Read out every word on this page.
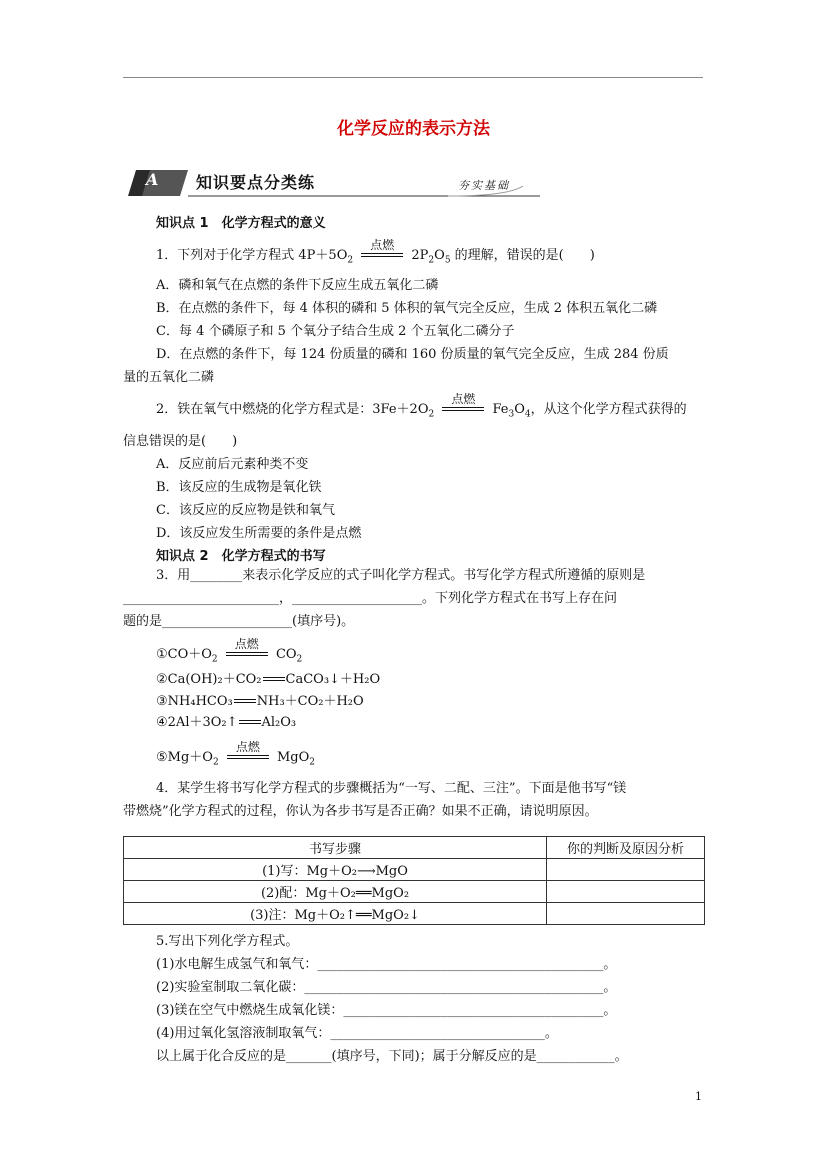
化学反应的表示方法
A 知识要点分类练	夯实基础
知识点 1　化学方程式的意义
1．下列对于化学方程式 $4P+5O_2$
点燃
$2P_2O_5$ 的理解，错误的是(　　)
A．磷和氧气在点燃的条件下反应生成五氧化二磷
B．在点燃的条件下，每 4 体积的磷和 5 体积的氧气完全反应，生成 2 体积五氧化二磷
C．每 4 个磷原子和 5 个氧分子结合生成 2 个五氧化二磷分子
D．在点燃的条件下，每 124 份质量的磷和 160 份质量的氧气完全反应，生成 284 份质
量的五氧化二磷
2．铁在氧气中燃烧的化学方程式是：$3Fe+2O_2$
点燃
$Fe_3O_4$，从这个化学方程式获得的
信息错误的是(　　)
A．反应前后元素种类不变
B．该反应的生成物是氧化铁
C．该反应的反应物是铁和氧气
D．该反应发生所需要的条件是点燃
知识点 2　化学方程式的书写
3．用________来表示化学反应的式子叫化学方程式。书写化学方程式所遵循的原则是
________________________，____________________。下列化学方程式在书写上存在问
题的是____________________(填序号)。
$①CO+O_2$
点燃
$CO_2$
②Ca(OH)₂＋CO₂ CaCO₃↓＋H₂O
③NH₄HCO₃ NH₃＋CO₂＋H₂O
④2Al＋3O₂↑ Al₂O₃
$⑤Mg+O_2$
点燃
MgO$_2$
4．某学生将书写化学方程式的步骤概括为“一写、二配、三注”。下面是他书写“镁
带燃烧”化学方程式的过程，你认为各步书写是否正确？如果不正确，请说明原因。
书写步骤	你的判断及原因分析
(1)写：Mg＋O₂⟶MgO	
(2)配：Mg＋O₂══MgO₂	
(3)注：Mg＋O₂↑══MgO₂↓	
5.写出下列化学方程式。
(1)水电解生成氢气和氧气：____________________________________________。
(2)实验室制取二氧化碳：______________________________________________。
(3)镁在空气中燃烧生成氧化镁：________________________________________。
(4)用过氧化氢溶液制取氧气：_________________________________。
以上属于化合反应的是_______(填序号，下同)；属于分解反应的是____________。
1
